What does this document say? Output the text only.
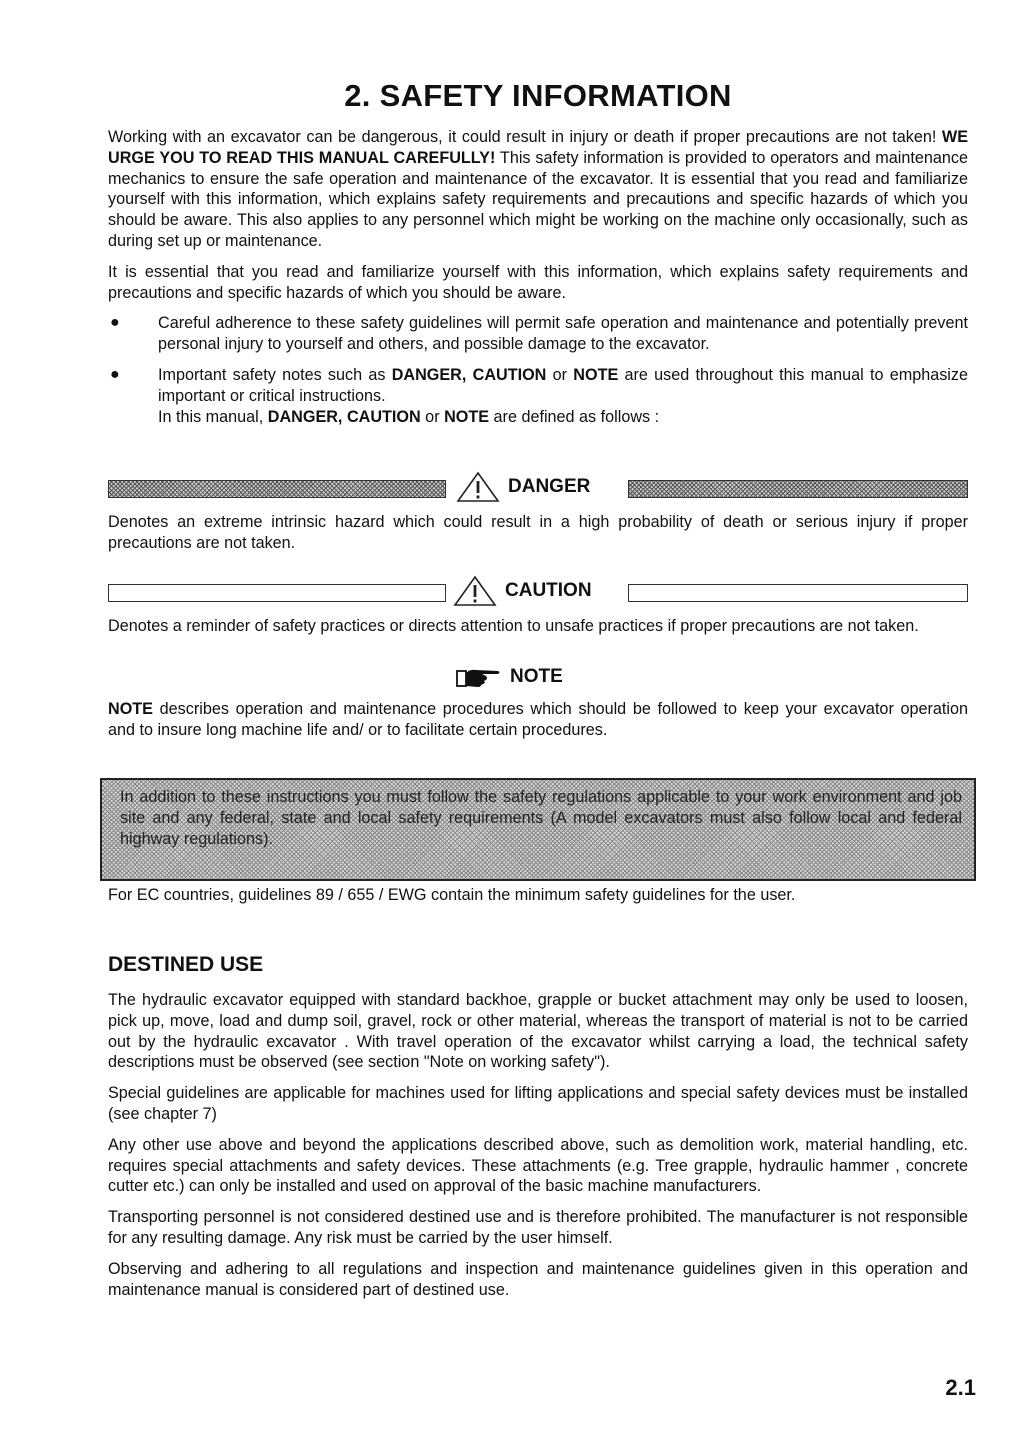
2. SAFETY INFORMATION

Working with an excavator can be dangerous, it could result in injury or death if proper precautions are not taken! WE URGE YOU TO READ THIS MANUAL CAREFULLY! This safety information is provided to operators and maintenance mechanics to ensure the safe operation and maintenance of the excavator. It is essential that you read and familiarize yourself with this information, which explains safety requirements and precautions and specific hazards of which you should be aware. This also applies to any personnel which might be working on the machine only occasionally, such as during set up or maintenance.

It is essential that you read and familiarize yourself with this information, which explains safety requirements and precautions and specific hazards of which you should be aware.

●	Careful adherence to these safety guidelines will permit safe operation and maintenance and potentially prevent personal injury to yourself and others, and possible damage to the excavator.

●	Important safety notes such as DANGER, CAUTION or NOTE are used throughout this manual to emphasize important or critical instructions.

In this manual, DANGER, CAUTION or NOTE are defined as follows :

DANGER

Denotes an extreme intrinsic hazard which could result in a high probability of death or serious injury if proper precautions are not taken.

CAUTION

Denotes a reminder of safety practices or directs attention to unsafe practices if proper precautions are not taken.

NOTE

NOTE describes operation and maintenance procedures which should be followed to keep your excavator operation and to insure long machine life and/ or to facilitate certain procedures.

In addition to these instructions you must follow the safety regulations applicable to your work environment and job site and any federal, state and local safety requirements (A model excavators must also follow local and federal highway regulations).

For EC countries, guidelines 89 / 655 / EWG contain the minimum safety guidelines for the user.

DESTINED USE

The hydraulic excavator equipped with standard backhoe, grapple or bucket attachment may only be used to loosen, pick up, move, load and dump soil, gravel, rock or other material, whereas the transport of material is not to be carried out by the hydraulic excavator . With travel operation of the excavator whilst carrying a load, the technical safety descriptions must be observed (see section "Note on working safety").

Special guidelines are applicable for machines used for lifting applications and special safety devices must be installed (see chapter 7)

Any other use above and beyond the applications described above, such as demolition work, material handling, etc. requires special attachments and safety devices. These attachments (e.g. Tree grapple, hydraulic hammer , concrete cutter etc.) can only be installed and used on approval of the basic machine manufacturers.

Transporting personnel is not considered destined use and is therefore prohibited. The manufacturer is not responsible for any resulting damage. Any risk must be carried by the user himself.

Observing and adhering to all regulations and inspection and maintenance guidelines given in this operation and maintenance manual is considered part of destined use.

2.1
